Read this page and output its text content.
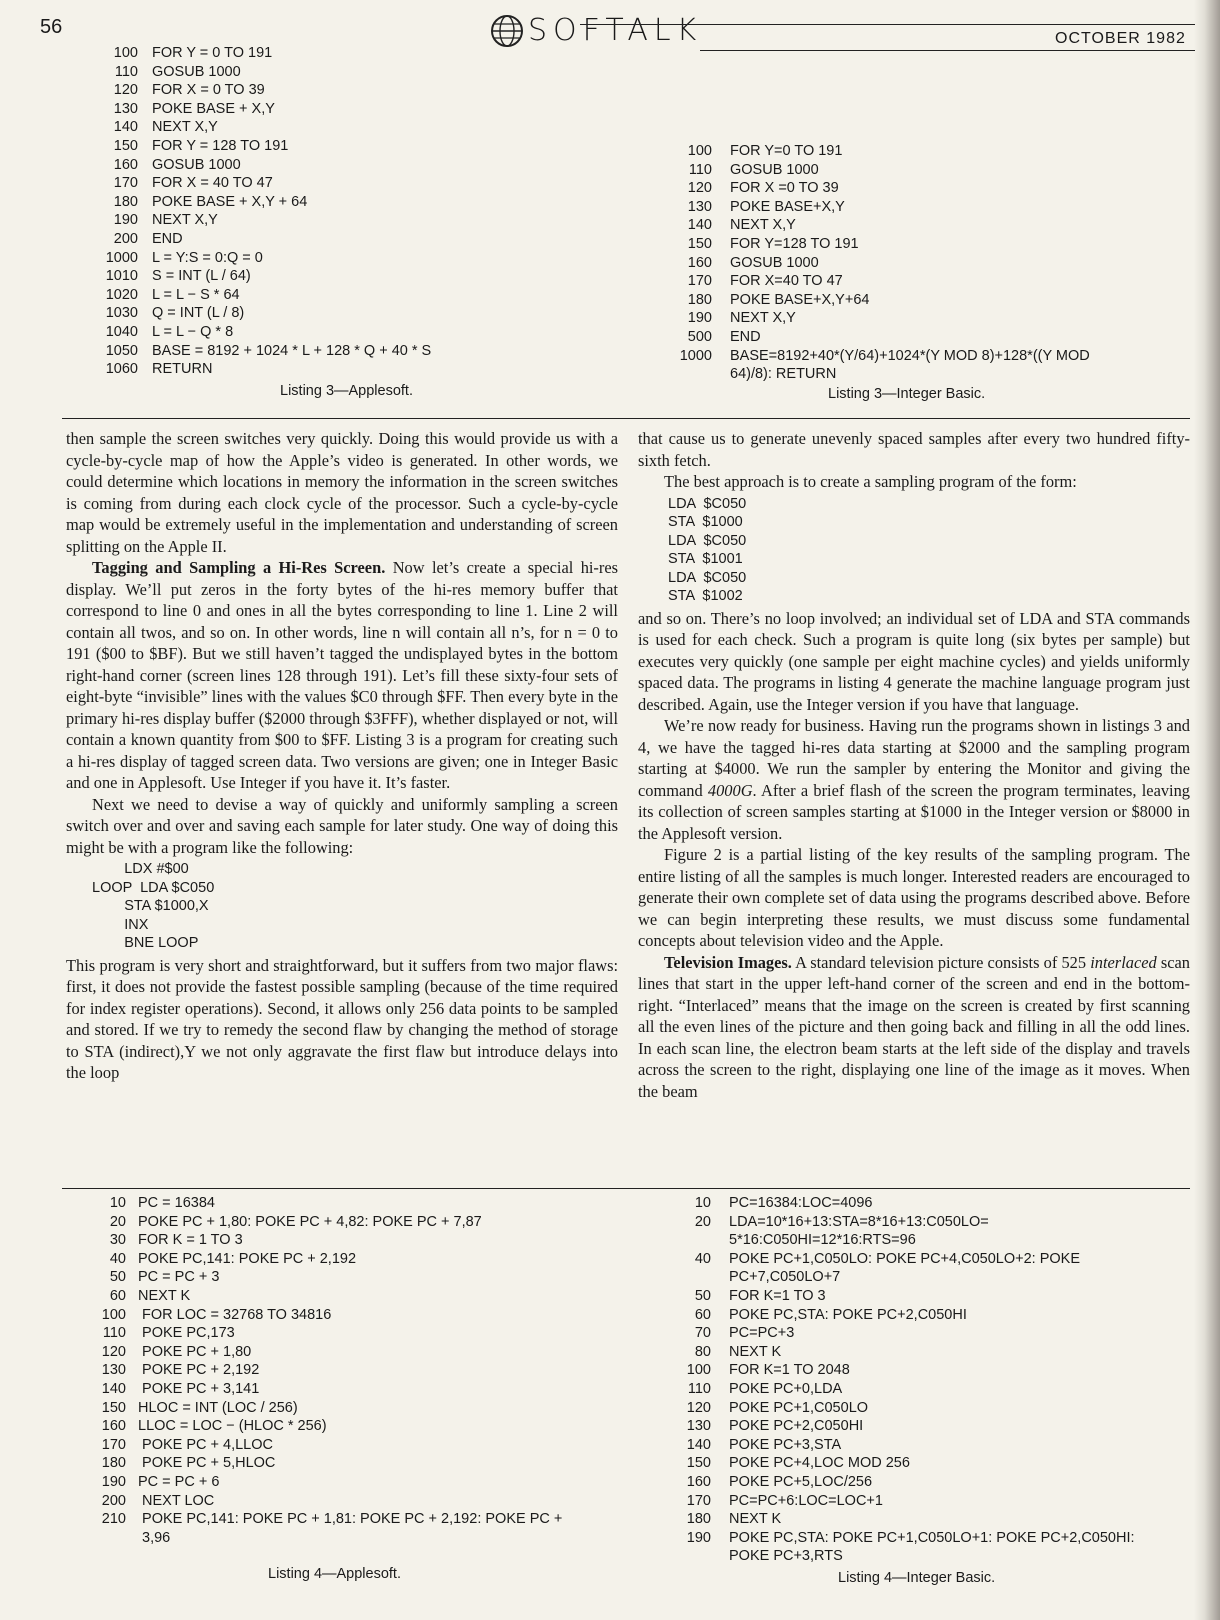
56	SOFTALK	OCTOBER 1982
100 FOR Y = 0 TO 191
110 GOSUB 1000
120 FOR X = 0 TO 39
130 POKE BASE + X,Y
140 NEXT X,Y
150 FOR Y = 128 TO 191
160 GOSUB 1000
170 FOR X = 40 TO 47
180 POKE BASE + X,Y + 64
190 NEXT X,Y
200 END
1000 L = Y:S = 0:Q = 0
1010 S = INT (L / 64)
1020 L = L − S * 64
1030 Q = INT (L / 8)
1040 L = L − Q * 8
1050 BASE = 8192 + 1024 * L + 128 * Q + 40 * S
1060 RETURN
Listing 3—Applesoft.
100 FOR Y=0 TO 191
110 GOSUB 1000
120 FOR X =0 TO 39
130 POKE BASE+X,Y
140 NEXT X,Y
150 FOR Y=128 TO 191
160 GOSUB 1000
170 FOR X=40 TO 47
180 POKE BASE+X,Y+64
190 NEXT X,Y
500 END
1000 BASE=8192+40*(Y/64)+1024*(Y MOD 8)+128*((Y MOD
64)/8): RETURN
Listing 3—Integer Basic.

then sample the screen switches very quickly. Doing this would provide us with a cycle-by-cycle map of how the Apple’s video is generated. In other words, we could determine which locations in memory the information in the screen switches is coming from during each clock cycle of the processor. Such a cycle-by-cycle map would be extremely useful in the implementation and understanding of screen splitting on the Apple II.

Tagging and Sampling a Hi-Res Screen. Now let’s create a special hi-res display. We’ll put zeros in the forty bytes of the hi-res memory buffer that correspond to line 0 and ones in all the bytes corresponding to line 1. Line 2 will contain all twos, and so on. In other words, line n will contain all n’s, for n = 0 to 191 ($00 to $BF). But we still haven’t tagged the undisplayed bytes in the bottom right-hand corner (screen lines 128 through 191). Let’s fill these sixty-four sets of eight-byte “invisible” lines with the values $C0 through $FF. Then every byte in the primary hi-res display buffer ($2000 through $3FFF), whether displayed or not, will contain a known quantity from $00 to $FF. Listing 3 is a program for creating such a hi-res display of tagged screen data. Two versions are given; one in Integer Basic and one in Applesoft. Use Integer if you have it. It’s faster.

Next we need to devise a way of quickly and uniformly sampling a screen switch over and over and saving each sample for later study. One way of doing this might be with a program like the following:

LDX #$00
LOOP  LDA $C050
STA $1000,X
INX
BNE LOOP

This program is very short and straightforward, but it suffers from two major flaws: first, it does not provide the fastest possible sampling (because of the time required for index register operations). Second, it allows only 256 data points to be sampled and stored. If we try to remedy the second flaw by changing the method of storage to STA (indirect),Y we not only aggravate the first flaw but introduce delays into the loop

that cause us to generate unevenly spaced samples after every two hundred fifty-sixth fetch.

The best approach is to create a sampling program of the form:

LDA  $C050
STA  $1000
LDA  $C050
STA  $1001
LDA  $C050
STA  $1002

and so on. There’s no loop involved; an individual set of LDA and STA commands is used for each check. Such a program is quite long (six bytes per sample) but executes very quickly (one sample per eight machine cycles) and yields uniformly spaced data. The programs in listing 4 generate the machine language program just described. Again, use the Integer version if you have that language.

We’re now ready for business. Having run the programs shown in listings 3 and 4, we have the tagged hi-res data starting at $2000 and the sampling program starting at $4000. We run the sampler by entering the Monitor and giving the command 4000G. After a brief flash of the screen the program terminates, leaving its collection of screen samples starting at $1000 in the Integer version or $8000 in the Applesoft version.

Figure 2 is a partial listing of the key results of the sampling program. The entire listing of all the samples is much longer. Interested readers are encouraged to generate their own complete set of data using the programs described above. Before we can begin interpreting these results, we must discuss some fundamental concepts about television video and the Apple.

Television Images. A standard television picture consists of 525 interlaced scan lines that start in the upper left-hand corner of the screen and end in the bottom-right. “Interlaced” means that the image on the screen is created by first scanning all the even lines of the picture and then going back and filling in all the odd lines. In each scan line, the electron beam starts at the left side of the display and travels across the screen to the right, displaying one line of the image as it moves. When the beam

10 PC = 16384
20 POKE PC + 1,80: POKE PC + 4,82: POKE PC + 7,87
30 FOR K = 1 TO 3
40 POKE PC,141: POKE PC + 2,192
50 PC = PC + 3
60 NEXT K
100 FOR LOC = 32768 TO 34816
110 POKE PC,173
120 POKE PC + 1,80
130 POKE PC + 2,192
140 POKE PC + 3,141
150 HLOC = INT (LOC / 256)
160 LLOC = LOC − (HLOC * 256)
170 POKE PC + 4,LLOC
180 POKE PC + 5,HLOC
190 PC = PC + 6
200 NEXT LOC
210 POKE PC,141: POKE PC + 1,81: POKE PC + 2,192: POKE PC +
3,96
Listing 4—Applesoft.
10 PC=16384:LOC=4096
20 LDA=10*16+13:STA=8*16+13:C050LO=
5*16:C050HI=12*16:RTS=96
40 POKE PC+1,C050LO: POKE PC+4,C050LO+2: POKE
PC+7,C050LO+7
50 FOR K=1 TO 3
60 POKE PC,STA: POKE PC+2,C050HI
70 PC=PC+3
80 NEXT K
100 FOR K=1 TO 2048
110 POKE PC+0,LDA
120 POKE PC+1,C050LO
130 POKE PC+2,C050HI
140 POKE PC+3,STA
150 POKE PC+4,LOC MOD 256
160 POKE PC+5,LOC/256
170 PC=PC+6:LOC=LOC+1
180 NEXT K
190 POKE PC,STA: POKE PC+1,C050LO+1: POKE PC+2,C050HI:
POKE PC+3,RTS
Listing 4—Integer Basic.
